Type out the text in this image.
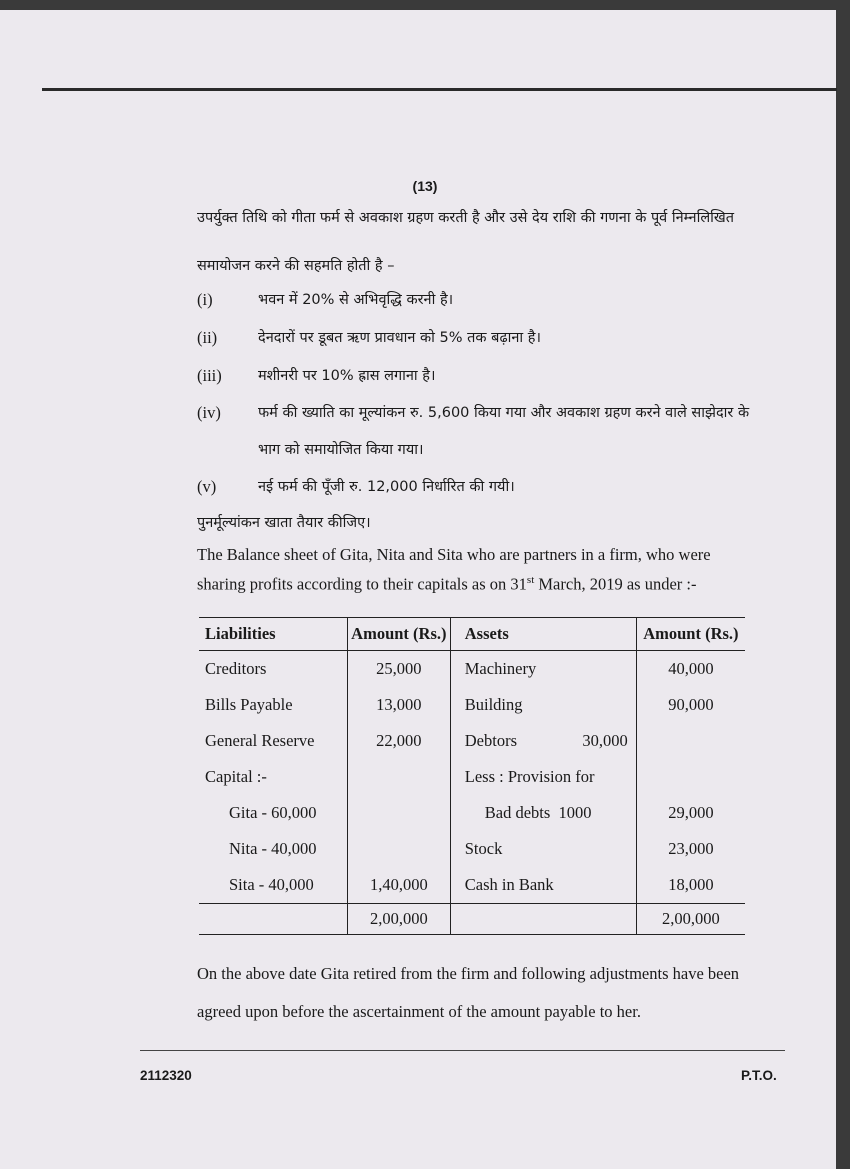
(13)
उपर्युक्त तिथि को गीता फर्म से अवकाश ग्रहण करती है और उसे देय राशि की गणना के पूर्व निम्नलिखित
समायोजन करने की सहमति होती है –
(i)	भवन में 20% से अभिवृद्धि करनी है।
(ii)	देनदारों पर डूबत ऋण प्रावधान को 5% तक बढ़ाना है।
(iii)	मशीनरी पर 10% ह्रास लगाना है।
(iv)	फर्म की ख्याति का मूल्यांकन रु. 5,600 किया गया और अवकाश ग्रहण करने वाले साझेदार के
भाग को समायोजित किया गया।
(v)	नई फर्म की पूँजी रु. 12,000 निर्धारित की गयी।
पुनर्मूल्यांकन खाता तैयार कीजिए।
The Balance sheet of Gita, Nita and Sita who are partners in a firm, who were
sharing profits according to their capitals as on 31st March, 2019 as under :-
Liabilities	Amount (Rs.)	Assets	Amount (Rs.)
Creditors	25,000	Machinery	40,000
Bills Payable	13,000	Building	90,000
General Reserve	22,000	Debtors 30,000	

Capital :-		Less : Provision for	
Gita - 60,000		Bad debts 1000	29,000
Nita - 40,000		Stock	23,000
Sita - 40,000	1,40,000	Cash in Bank	18,000
	2,00,000		2,00,000
On the above date Gita retired from the firm and following adjustments have been
agreed upon before the ascertainment of the amount payable to her.
2112320	P.T.O.
